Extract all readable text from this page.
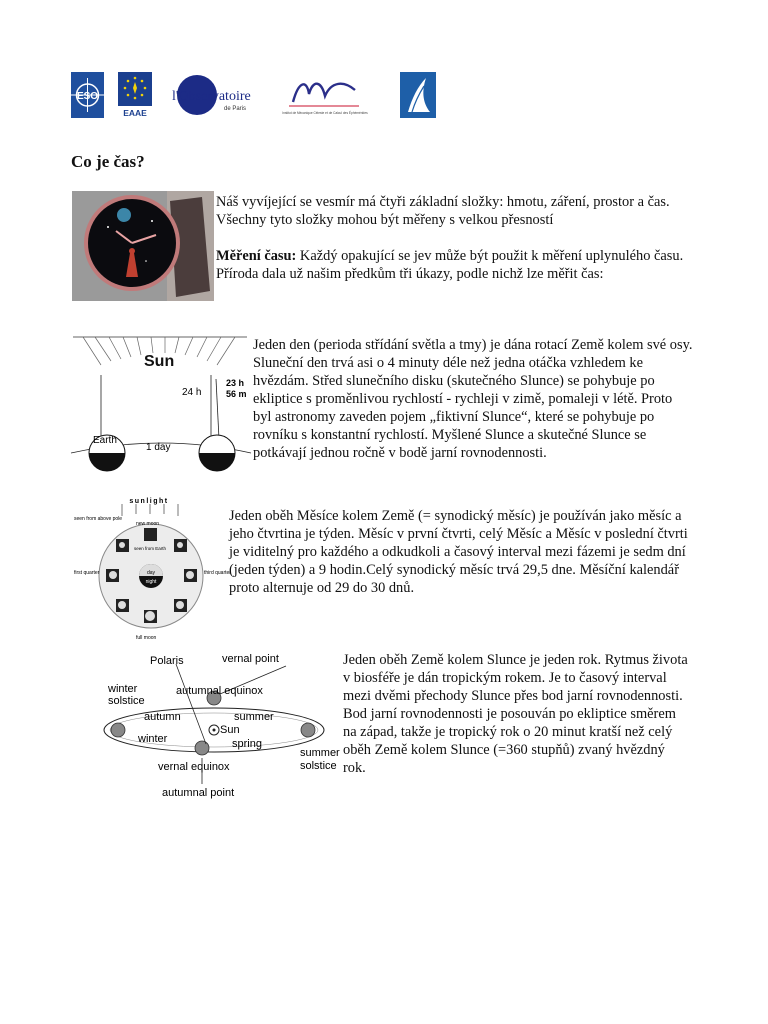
ESO
EAAE
l'Observatoire
de Paris
Institut de Mécanique Céleste et de Calcul des Éphémérides
Co je čas?

Náš vyvíjející se vesmír má čtyři základní složky: hmotu, záření, prostor a čas. Všechny tyto složky mohou být měřeny s velkou přesností

Měření času: Každý opakující se jev může být použit k měření uplynulého času. Příroda dala už našim předkům tři úkazy, podle nichž lze měřit čas:

Sun
24 h
23 h
56 m
Earth
1 day

Jeden den (perioda střídání světla a tmy) je dána rotací Země kolem své osy. Sluneční den trvá asi o 4 minuty déle než jedna otáčka vzhledem ke hvězdám. Střed slunečního disku (skutečného Slunce) se pohybuje po ekliptice s proměnlivou rychlostí - rychleji v zimě, pomaleji v létě. Proto byl astronomy zaveden pojem „fiktivní Slunce“, které se pohybuje po rovníku s konstantní rychlostí. Myšlené Slunce a skutečné Slunce se potkávají jednou ročně v bodě jarní rovnodennosti.

sunlight
day
night
seen from above pole
new moon
seen from Earth
first quarter	third quarter
full moon

Jeden oběh Měsíce kolem Země (= synodický měsíc) je používán jako měsíc a jeho čtvrtina je týden. Měsíc v první čtvrti, celý Měsíc a Měsíc v poslední čtvrti je viditelný pro každého a odkudkoli a časový interval mezi fázemi je sedm dní (jeden týden) a 9 hodin.Celý synodický měsíc trvá 29,5 dne. Měsíční kalendář proto alternuje od 29 do 30 dnů.

Polaris	vernal point
winter
solstice
autumnal equinox
autumn	summer
Sun
winter	spring
vernal equinox
summer
solstice
autumnal point

Jeden oběh Země kolem Slunce je jeden rok. Rytmus života v biosféře je dán tropickým rokem. Je to časový interval mezi dvěmi přechody Slunce přes bod jarní rovnodennosti. Bod jarní rovnodennosti je posouván po ekliptice směrem na západ, takže je tropický rok o 20 minut kratší než celý oběh Země kolem Slunce (=360 stupňů) zvaný hvězdný rok.
